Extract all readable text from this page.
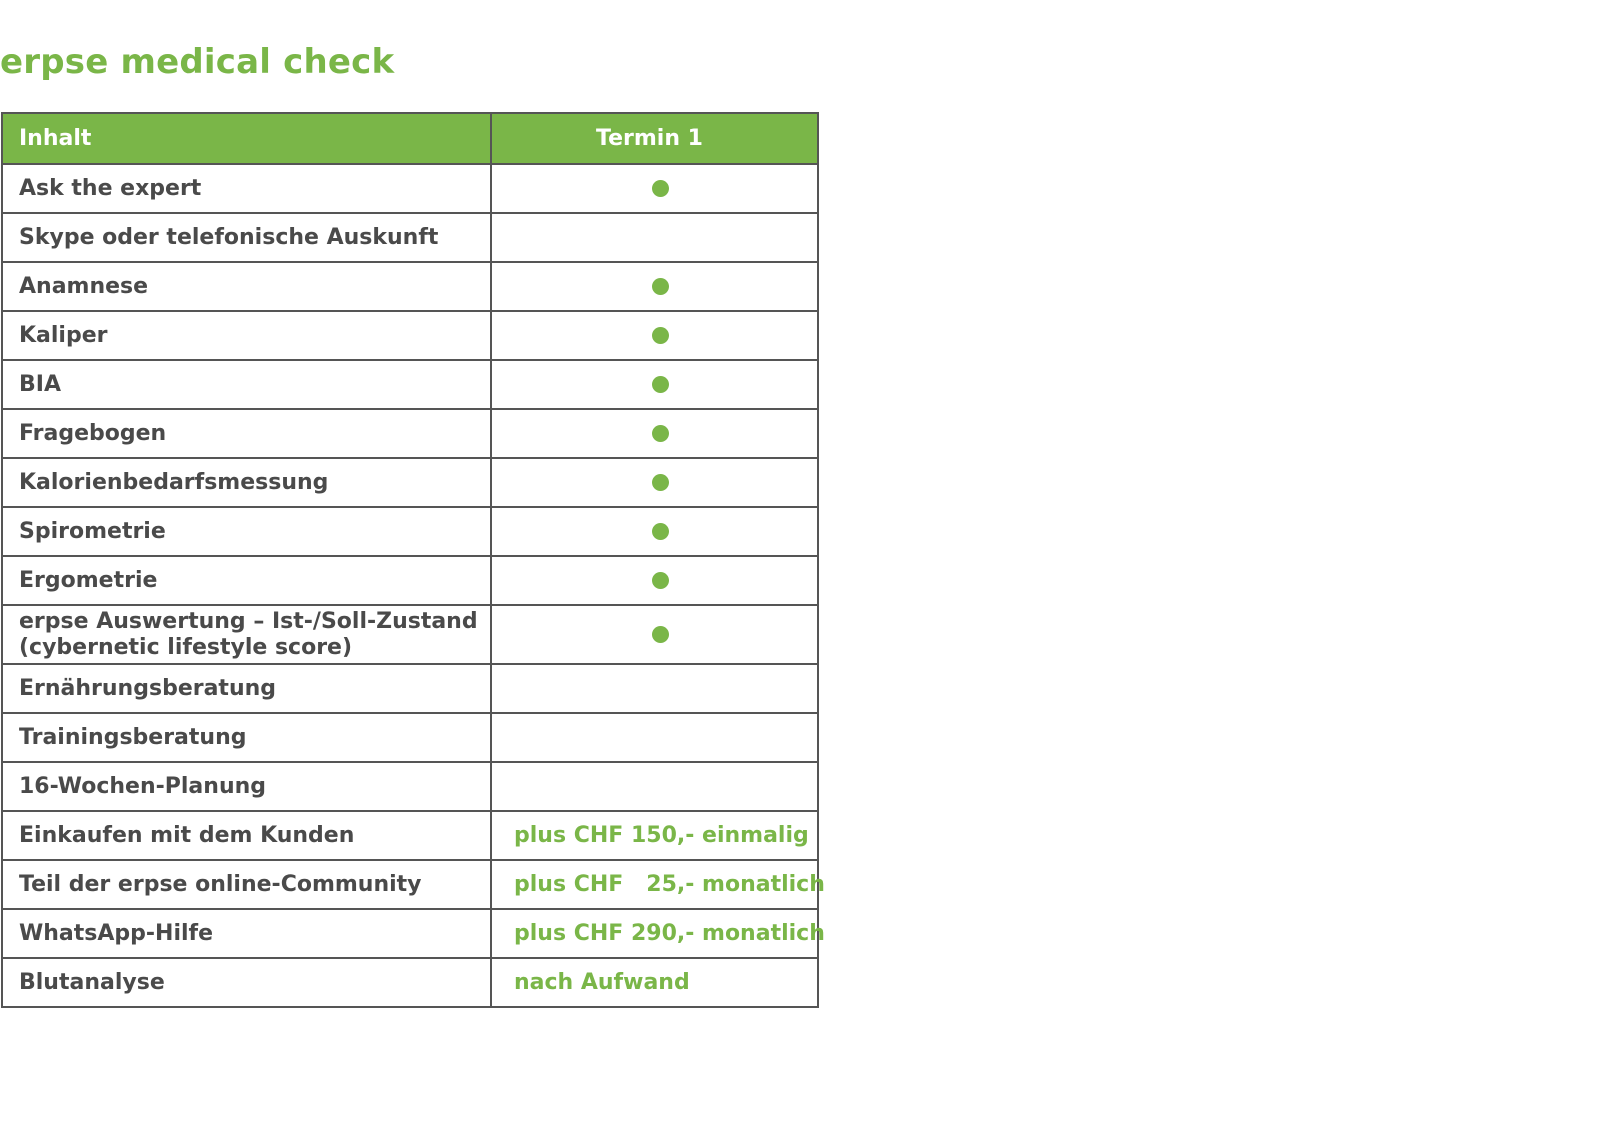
erpse medical check
Inhalt	Termin 1

Ask the expert	

Skype oder telefonische Auskunft	

Anamnese	

Kaliper	

BIA	

Fragebogen	

Kalorienbedarfsmessung	

Spirometrie	

Ergometrie	

erpse Auswertung – Ist-/Soll-Zustand
(cybernetic lifestyle score)	

Ernährungsberatung	

Trainingsberatung	

16-Wochen-Planung	

Einkaufen mit dem Kunden	plus CHF 150,- einmalig

Teil der erpse online-Community	plus CHF   25,- monatlich

WhatsApp-Hilfe	plus CHF 290,- monatlich

Blutanalyse	nach Aufwand
